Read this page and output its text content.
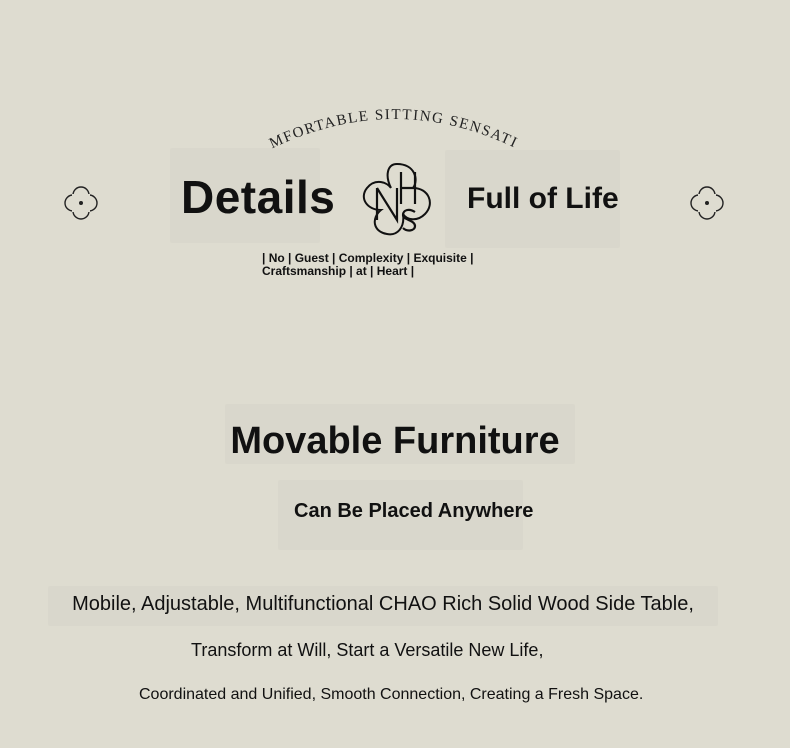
MFORTABLE SITTING SENSATI
Details	Full of Life
| No | Guest | Complexity | Exquisite |
Craftsmanship | at | Heart |
Movable Furniture
Can Be Placed Anywhere
Mobile, Adjustable, Multifunctional CHAO Rich Solid Wood Side Table,
Transform at Will, Start a Versatile New Life,
Coordinated and Unified, Smooth Connection, Creating a Fresh Space.
